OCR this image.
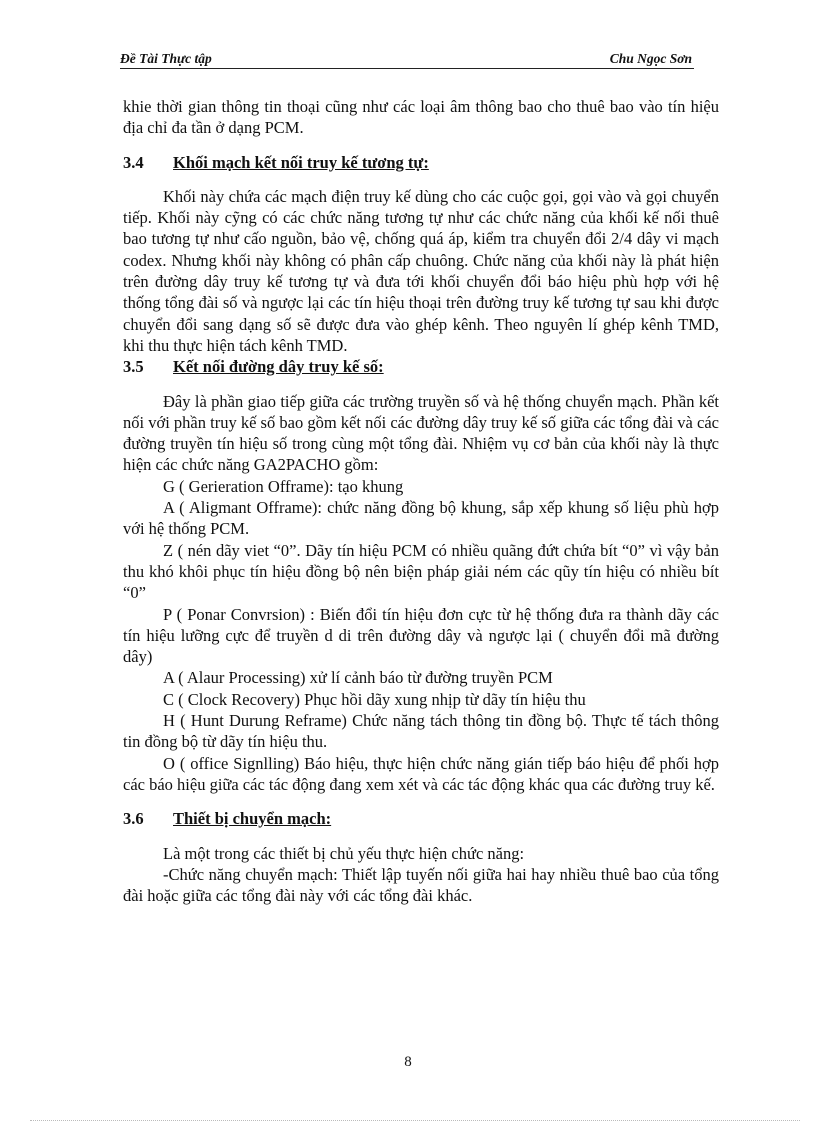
Đề Tài Thực tập	Chu Ngọc Sơn

khie thời gian thông tin thoại cũng như các loại âm thông bao cho thuê bao vào tín hiệu địa chỉ đa tần ở dạng PCM.

3.4 Khối mạch kết nối truy kế tương tự:

Khối này chứa các mạch điện truy kế dùng cho các cuộc gọi, gọi vào và gọi chuyển tiếp. Khối này cỹng có các chức năng tương tự như các chức năng của khối kế nối thuê bao tương tự như cấo nguồn, bảo vệ, chống quá áp, kiểm tra chuyển đổi 2/4 dây vi mạch codex. Nhưng khối này không có phân cấp chuông. Chức năng của khối này là phát hiện trên đường dây truy kế tương tự và đưa tới khối chuyển đổi báo hiệu phù hợp với hệ thống tổng đài số và ngược lại các tín hiệu thoại trên đường truy kế tương tự sau khi được chuyển đổi sang dạng số sẽ được đưa vào ghép kênh. Theo nguyên lí ghép kênh TMD, khi thu thực hiện tách kênh TMD.

3.5 Kết nối đường dây truy kế số:

Đây là phần giao tiếp giữa các trường truyền số và hệ thống chuyển mạch. Phần kết nối với phần truy kế số bao gồm kết nối các đường dây truy kế số giữa các tổng đài và các đường truyền tín hiệu số trong cùng một tổng đài. Nhiệm vụ cơ bản của khối này là thực hiện các chức năng GA2PACHO gồm:

G ( Gerieration Offrame): tạo khung

A ( Aligmant Offrame): chức năng đồng bộ khung, sắp xếp khung số liệu phù hợp với hệ thống PCM.

Z ( nén dãy viet “0”. Dãy tín hiệu PCM có nhiều quãng đứt chứa bít “0” vì vậy bản thu khó khôi phục tín hiệu đồng bộ nên biện pháp giải ném các qũy tín hiệu có nhiều bít “0”

P ( Ponar Convrsion) : Biến đổi tín hiệu đơn cực từ hệ thống đưa ra thành dãy các tín hiệu lưỡng cực để truyền d di trên đường dây và ngược lại ( chuyển đổi mã đường dây)

A ( Alaur Processing) xử lí cảnh báo từ đường truyền PCM

C ( Clock Recovery) Phục hồi dãy xung nhịp từ dãy tín hiệu thu

H ( Hunt Durung Reframe) Chức năng tách thông tin đồng bộ. Thực tế tách thông tin đồng bộ từ dãy tín hiệu thu.

O ( office Signlling) Báo hiệu, thực hiện chức năng gián tiếp báo hiệu để phối hợp các báo hiệu giữa các tác động đang xem xét và các tác động khác qua các đường truy kế.

3.6 Thiết bị chuyển mạch:

Là một trong các thiết bị chủ yếu thực hiện chức năng:

-Chức năng chuyển mạch: Thiết lập tuyến nối giữa hai hay nhiều thuê bao của tổng đài hoặc giữa các tổng đài này với các tổng đài khác.

8
